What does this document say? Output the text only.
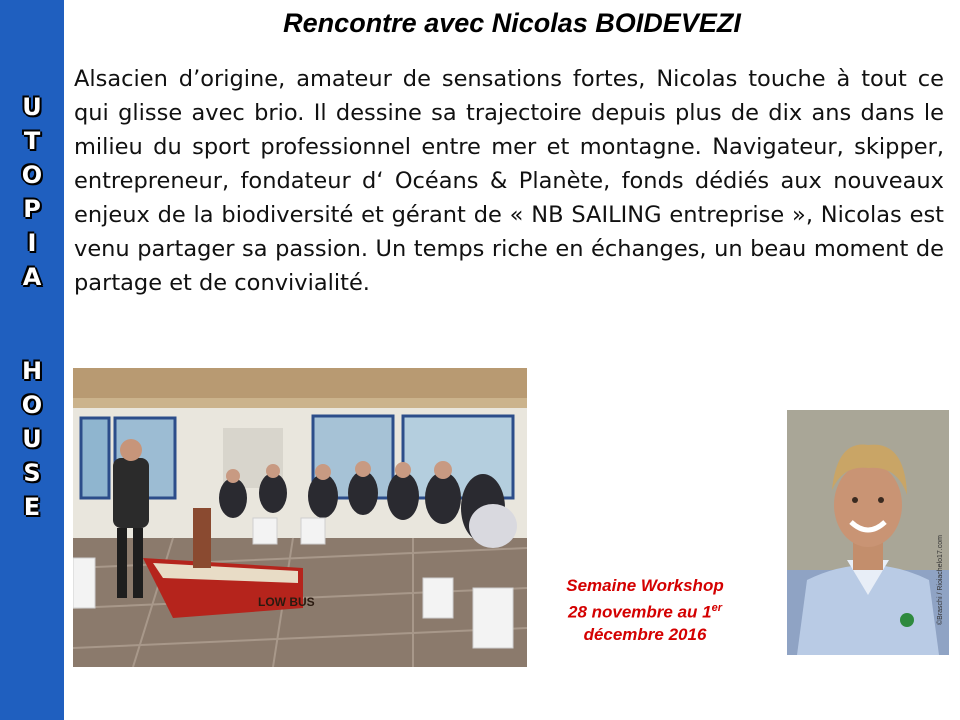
U
T
O
P
I
A
H
O
U
S
E
Rencontre avec Nicolas BOIDEVEZI

Alsacien d’origine, amateur de sensations fortes, Nicolas touche à tout ce qui glisse avec brio. Il dessine sa trajectoire depuis plus de dix ans dans le milieu du sport professionnel entre mer et montagne. Navigateur, skipper, entrepreneur, fondateur d‘ Océans & Planète, fonds dédiés aux nouveaux enjeux de la biodiversité et gérant de « NB SAILING entreprise », Nicolas est venu partager sa passion. Un temps riche en échanges, un beau moment de partage et de convivialité.

LOW BUS	©Braschi / Rioiachelo17.com
Semaine Workshop
28 novembre au 1er
décembre 2016
